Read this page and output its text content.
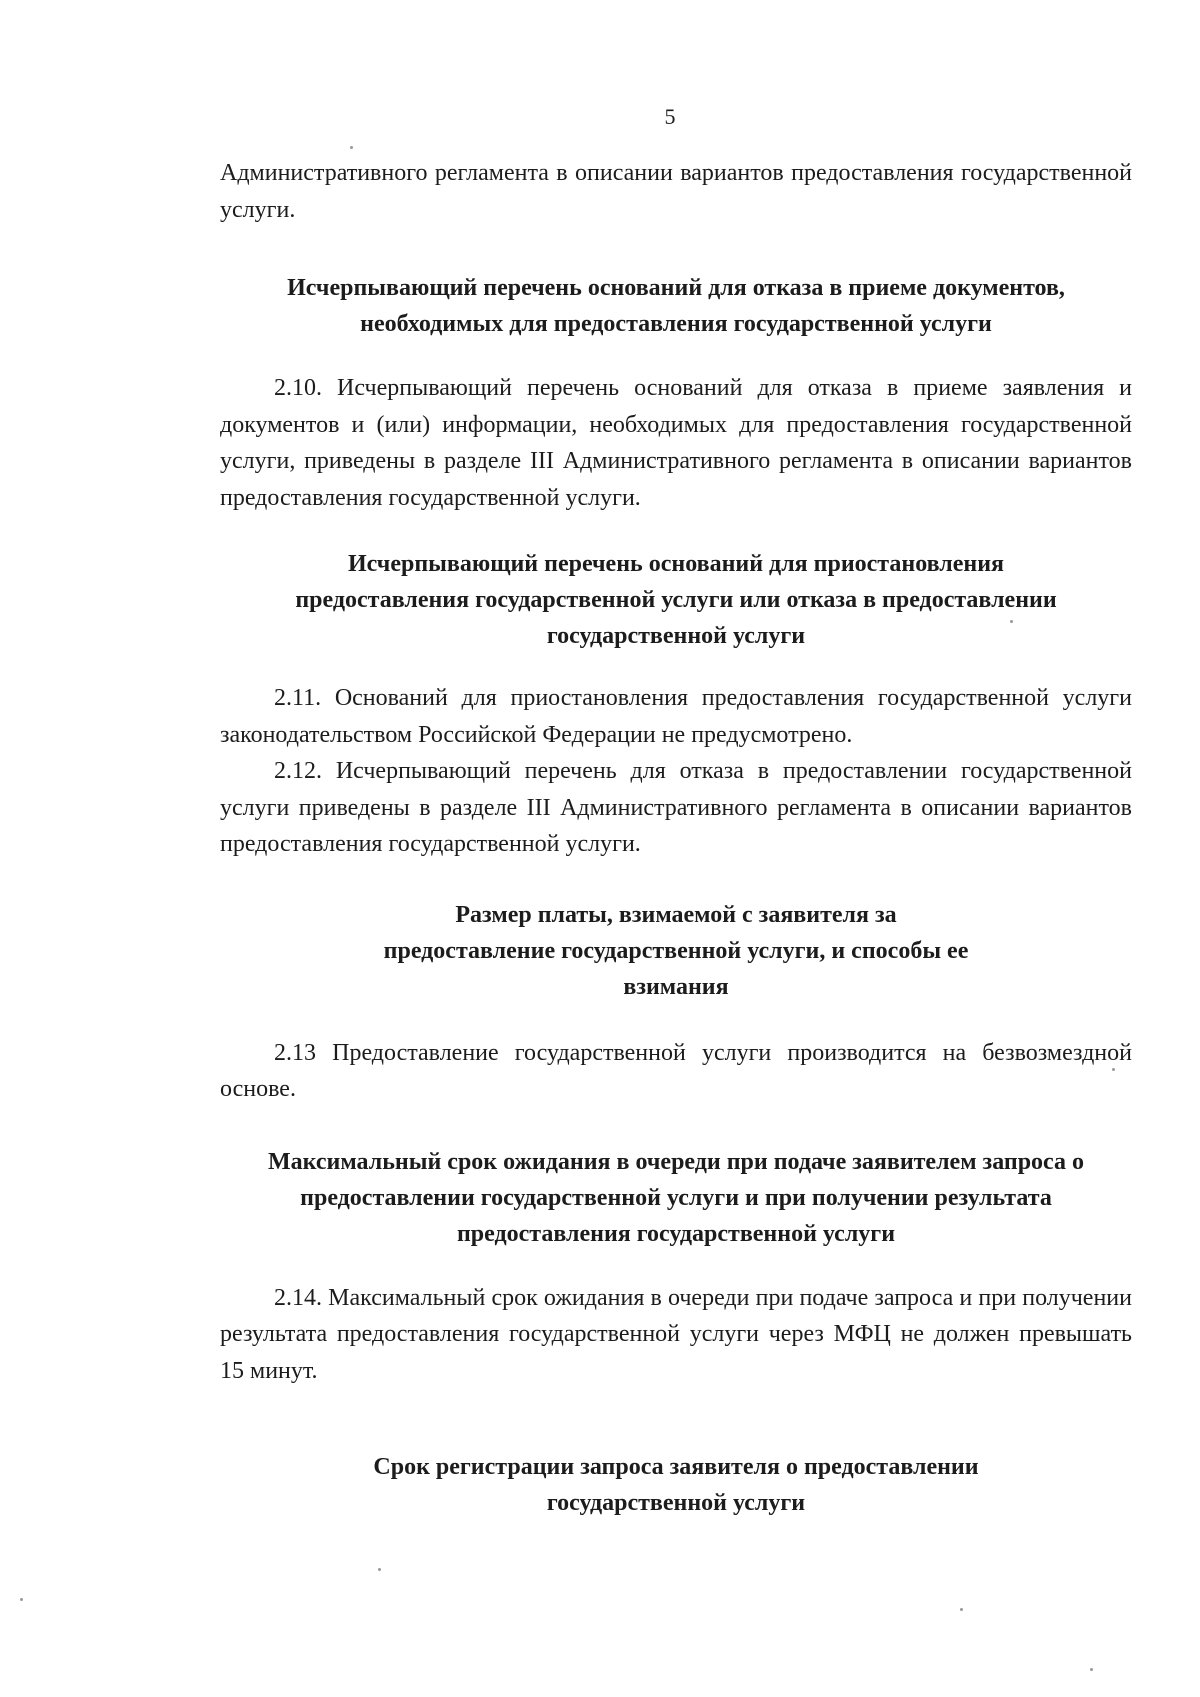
5

Административного регламента в описании вариантов предоставления государственной услуги.

Исчерпывающий перечень оснований для отказа в приеме документов, необходимых для предоставления государственной услуги

2.10. Исчерпывающий перечень оснований для отказа в приеме заявления и документов и (или) информации, необходимых для предоставления государственной услуги, приведены в разделе III Административного регламента в описании вариантов предоставления государственной услуги.

Исчерпывающий перечень оснований для приостановления предоставления государственной услуги или отказа в предоставлении государственной услуги

2.11. Оснований для приостановления предоставления государственной услуги законодательством Российской Федерации не предусмотрено.

2.12. Исчерпывающий перечень для отказа в предоставлении государственной услуги приведены в разделе III Административного регламента в описании вариантов предоставления государственной услуги.

Размер платы, взимаемой с заявителя за предоставление государственной услуги, и способы ее взимания

2.13 Предоставление государственной услуги производится на безвозмездной основе.

Максимальный срок ожидания в очереди при подаче заявителем запроса о предоставлении государственной услуги и при получении результата предоставления государственной услуги

2.14. Максимальный срок ожидания в очереди при подаче запроса и при получении результата предоставления государственной услуги через МФЦ не должен превышать 15 минут.

Срок регистрации запроса заявителя о предоставлении государственной услуги
